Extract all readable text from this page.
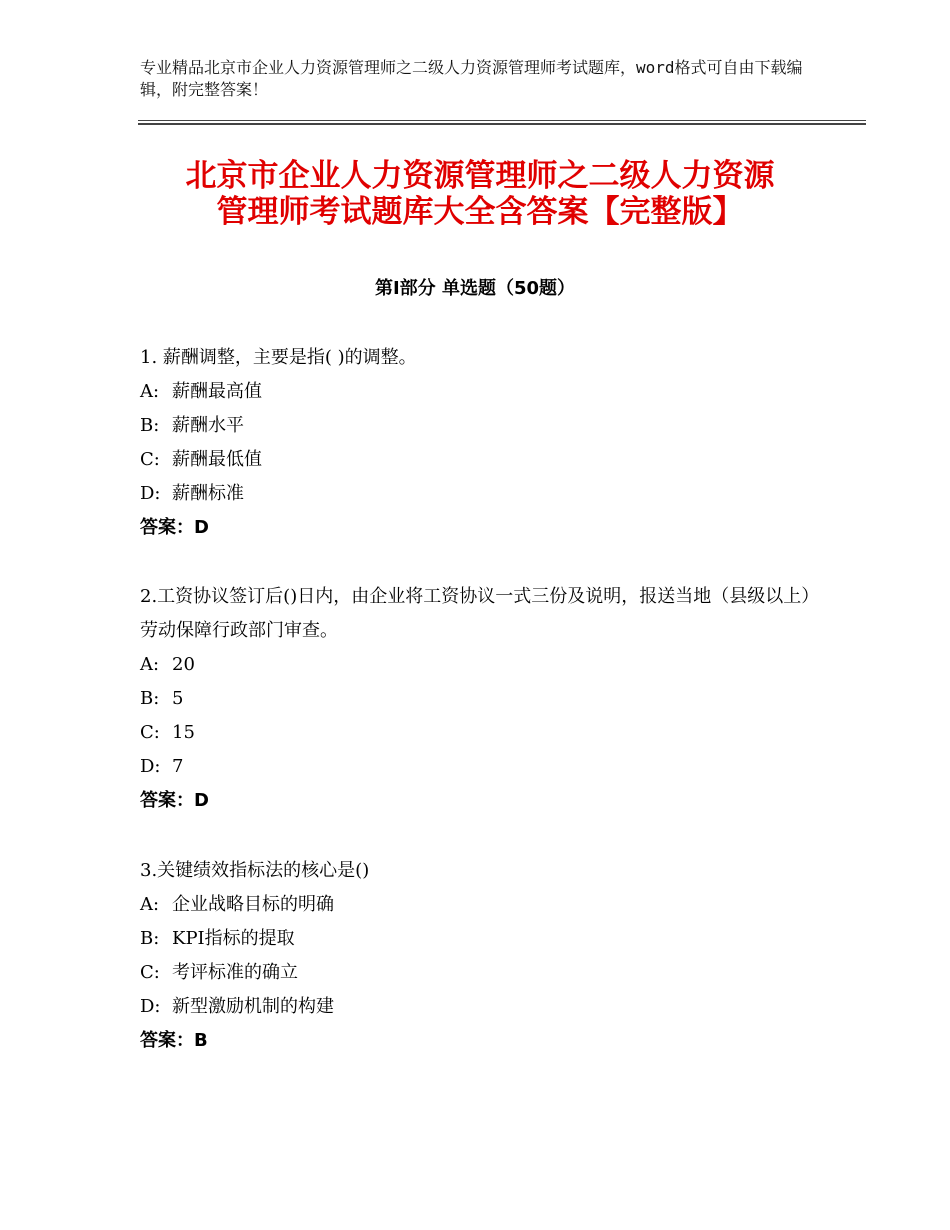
专业精品北京市企业人力资源管理师之二级人力资源管理师考试题库，word格式可自由下载编辑，附完整答案！
北京市企业人力资源管理师之二级人力资源
管理师考试题库大全含答案【完整版】
第Ⅰ部分 单选题（50题）

1. 薪酬调整，主要是指( )的调整。

A: 薪酬最高值

B: 薪酬水平

C: 薪酬最低值

D: 薪酬标准

答案：D

2.工资协议签订后()日内，由企业将工资协议一式三份及说明，报送当地（县级以上）劳动保障行政部门审查。

A: 20

B: 5

C: 15

D: 7

答案：D

3.关键绩效指标法的核心是()

A: 企业战略目标的明确

B: KPI指标的提取

C: 考评标准的确立

D: 新型激励机制的构建

答案：B
